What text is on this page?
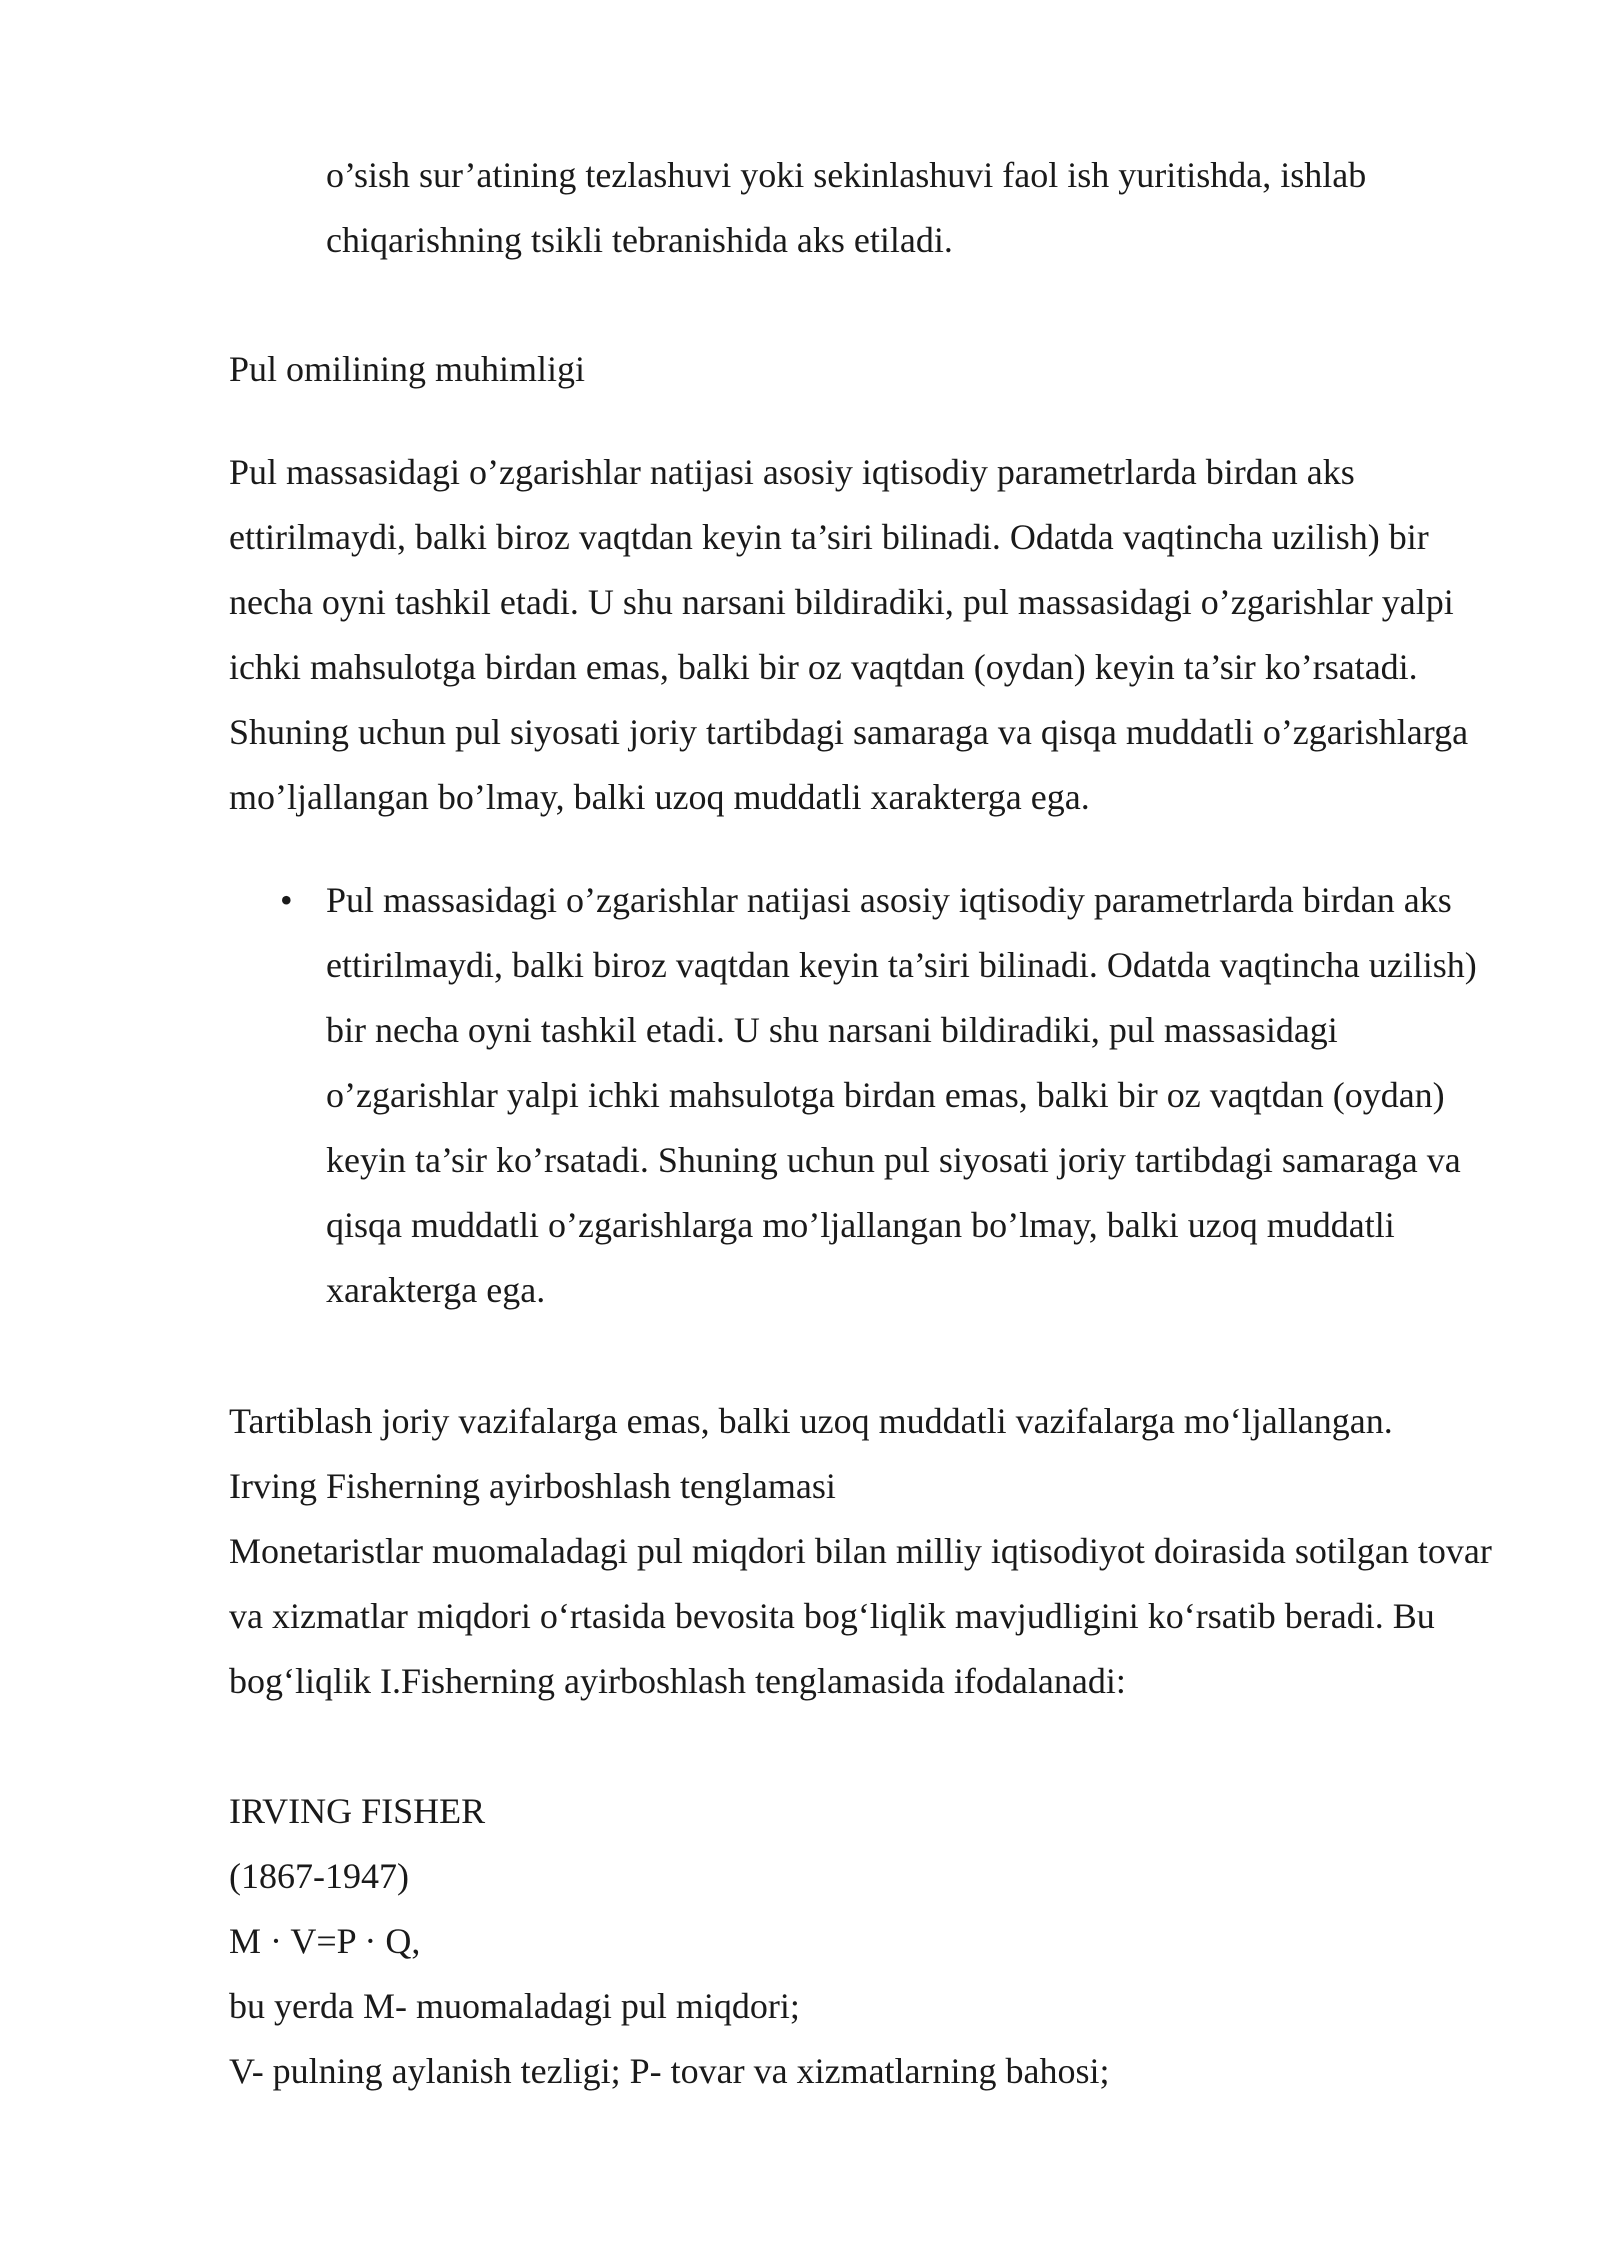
o’sish sur’atining tezlashuvi yoki sekinlashuvi faol ish yuritishda, ishlab chiqarishning tsikli tebranishida aks etiladi.

Pul omilining muhimligi

Pul massasidagi o’zgarishlar natijasi asosiy iqtisodiy parametrlarda birdan aks ettirilmaydi, balki biroz vaqtdan keyin ta’siri bilinadi. Odatda vaqtincha uzilish) bir necha oyni tashkil etadi. U shu narsani bildiradiki, pul massasidagi o’zgarishlar yalpi ichki mahsulotga birdan emas, balki bir oz vaqtdan (oydan) keyin ta’sir ko’rsatadi. Shuning uchun pul siyosati joriy tartibdagi samaraga va qisqa muddatli o’zgarishlarga mo’ljallangan bo’lmay, balki uzoq muddatli xarakterga ega.

• Pul massasidagi o’zgarishlar natijasi asosiy iqtisodiy parametrlarda birdan aks ettirilmaydi, balki biroz vaqtdan keyin ta’siri bilinadi. Odatda vaqtincha uzilish) bir necha oyni tashkil etadi. U shu narsani bildiradiki, pul massasidagi o’zgarishlar yalpi ichki mahsulotga birdan emas, balki bir oz vaqtdan (oydan) keyin ta’sir ko’rsatadi. Shuning uchun pul siyosati joriy tartibdagi samaraga va qisqa muddatli o’zgarishlarga mo’ljallangan bo’lmay, balki uzoq muddatli xarakterga ega.

Tartiblash joriy vazifalarga emas, balki uzoq muddatli vazifalarga mo‘ljallangan.

Irving Fisherning ayirboshlash tenglamasi

Monetaristlar muomaladagi pul miqdori bilan milliy iqtisodiyot doirasida sotilgan tovar va xizmatlar miqdori o‘rtasida bevosita bog‘liqlik mavjudligini ko‘rsatib beradi. Bu bog‘liqlik I.Fisherning ayirboshlash tenglamasida ifodalanadi:

IRVING FISHER

(1867-1947)

M · V=P · Q,

bu yerda M- muomaladagi pul miqdori;

V- pulning aylanish tezligi; P- tovar va xizmatlarning bahosi;
